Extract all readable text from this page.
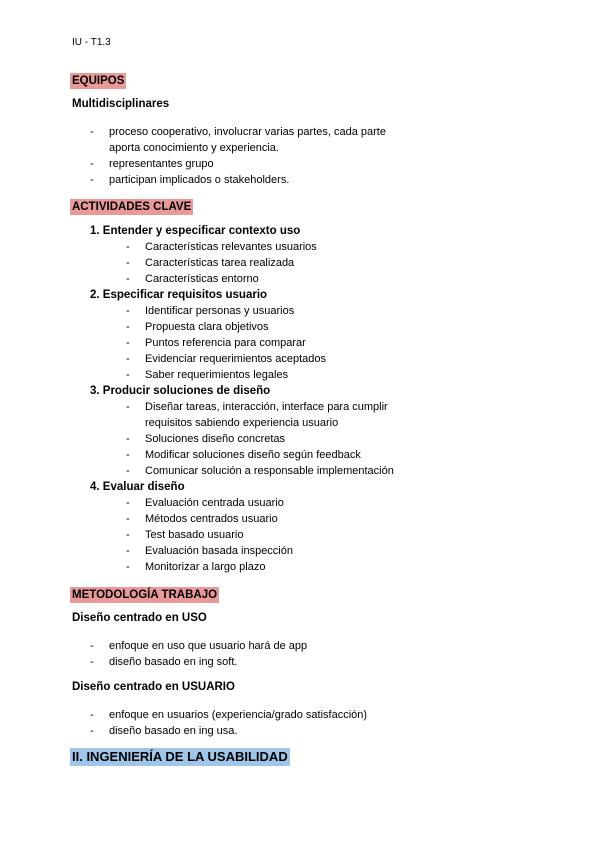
IU - T1.3
EQUIPOS
Multidisciplinares
- proceso cooperativo, involucrar varias partes, cada parte
aporta conocimiento y experiencia.
- representantes grupo
- participan implicados o stakeholders.
ACTIVIDADES CLAVE
1. Entender y especificar contexto uso
- Características relevantes usuarios
- Características tarea realizada
- Características entorno
2. Especificar requisitos usuario
- Identificar personas y usuarios
- Propuesta clara objetivos
- Puntos referencia para comparar
- Evidenciar requerimientos aceptados
- Saber requerimientos legales
3. Producir soluciones de diseño
- Diseñar tareas, interacción, interface para cumplir
requisitos sabiendo experiencia usuario
- Soluciones diseño concretas
- Modificar soluciones diseño según feedback
- Comunicar solución a responsable implementación
4. Evaluar diseño
- Evaluación centrada usuario
- Métodos centrados usuario
- Test basado usuario
- Evaluación basada inspección
- Monitorizar a largo plazo
METODOLOGÍA TRABAJO
Diseño centrado en USO
- enfoque en uso que usuario hará de app
- diseño basado en ing soft.
Diseño centrado en USUARIO
- enfoque en usuarios (experiencia/grado satisfacción)
- diseño basado en ing usa.
II. INGENIERÍA DE LA USABILIDAD
